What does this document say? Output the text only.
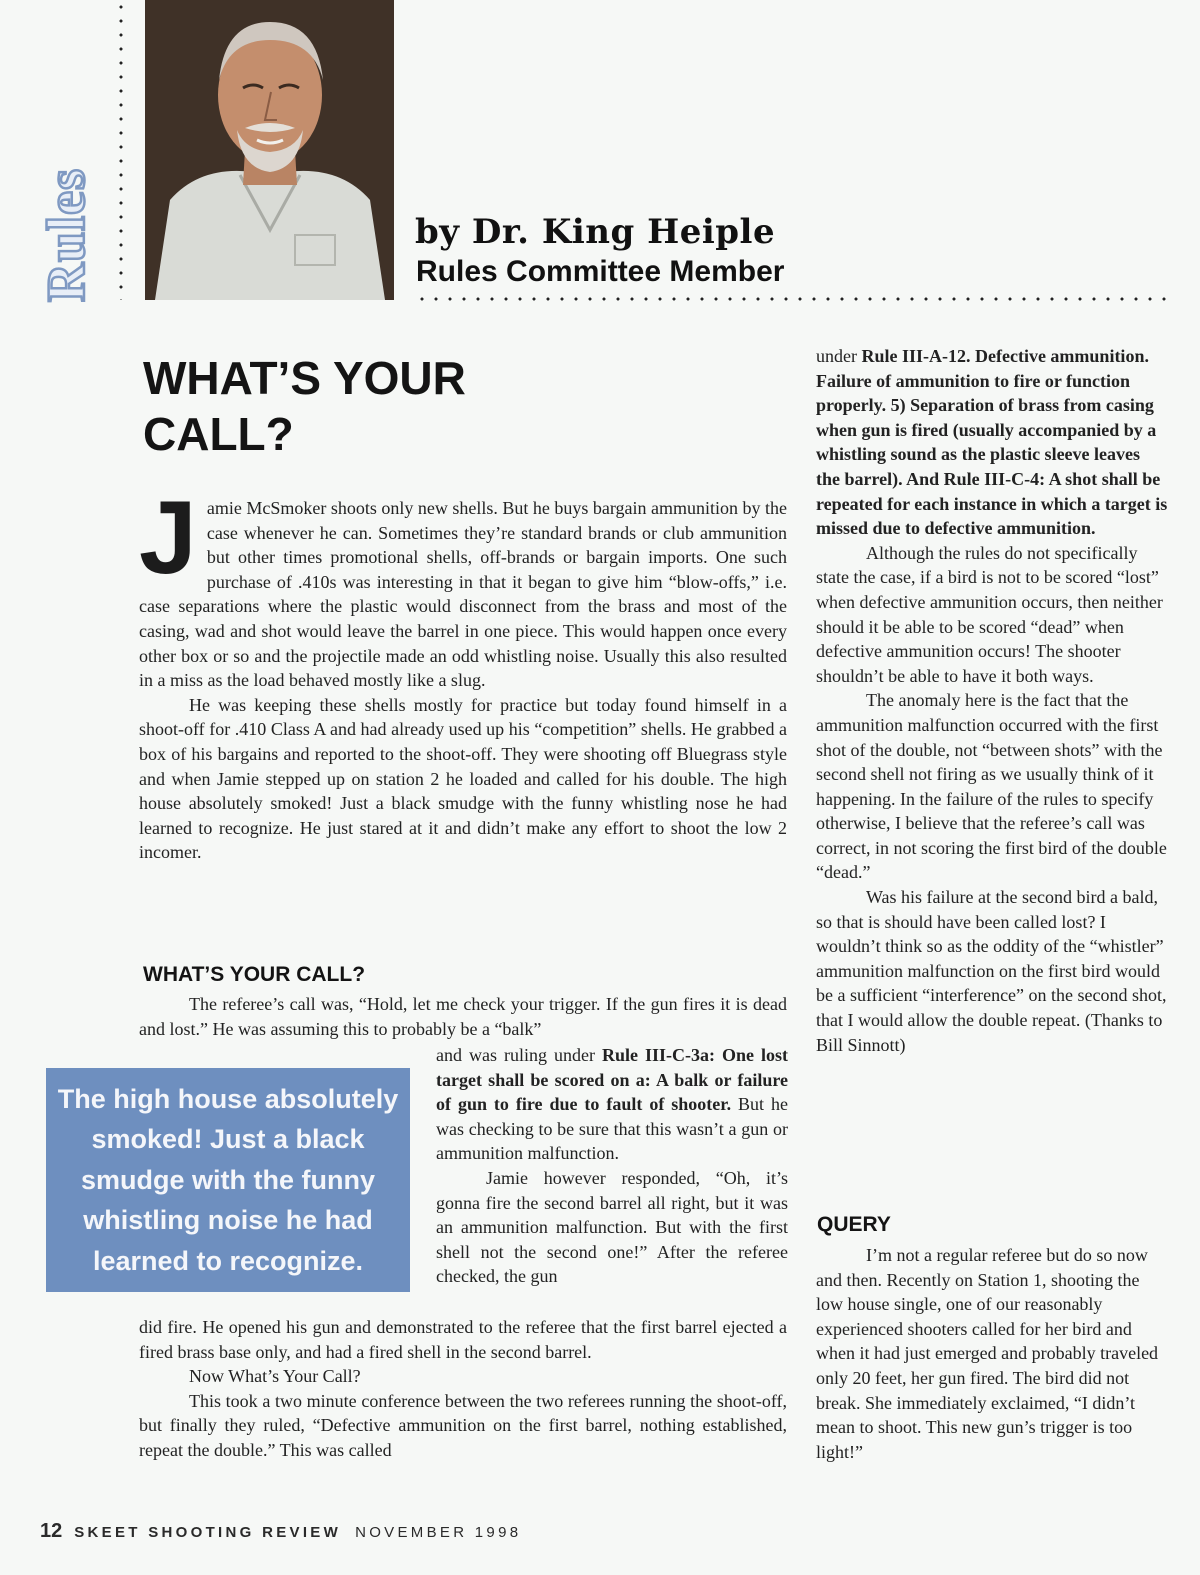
Rules	by Dr. King Heiple
Rules Committee Member
WHAT’S YOUR CALL?

J amie McSmoker shoots only new shells. But he buys bargain ammunition by the case whenever he can. Sometimes they’re standard brands or club ammunition but other times promotional shells, off-brands or bargain imports. One such purchase of .410s was interesting in that it began to give him “blow-offs,” i.e. case separations where the plastic would disconnect from the brass and most of the casing, wad and shot would leave the barrel in one piece. This would happen once every other box or so and the projectile made an odd whistling noise. Usually this also resulted in a miss as the load behaved mostly like a slug.

He was keeping these shells mostly for practice but today found himself in a shoot-off for .410 Class A and had already used up his “competition” shells. He grabbed a box of his bargains and reported to the shoot-off. They were shooting off Bluegrass style and when Jamie stepped up on station 2 he loaded and called for his double. The high house absolutely smoked! Just a black smudge with the funny whistling nose he had learned to recognize. He just stared at it and didn’t make any effort to shoot the low 2 incomer.

WHAT’S YOUR CALL?

The referee’s call was, “Hold, let me check your trigger. If the gun fires it is dead and lost.” He was assuming this to probably be a “balk”

and was ruling under Rule III-C-3a: One lost target shall be scored on a: A balk or failure of gun to fire due to fault of shooter. But he was checking to be sure that this wasn’t a gun or ammunition malfunction.

Jamie however responded, “Oh, it’s gonna fire the second barrel all right, but it was an ammunition malfunction. But with the first shell not the second one!” After the referee checked, the gun

The high house absolutely smoked! Just a black smudge with the funny whistling noise he had learned to recognize.

did fire. He opened his gun and demonstrated to the referee that the first barrel ejected a fired brass base only, and had a fired shell in the second barrel.

Now What’s Your Call?

This took a two minute conference between the two referees running the shoot-off, but finally they ruled, “Defective ammunition on the first barrel, nothing established, repeat the double.” This was called

under Rule III-A-12. Defective ammunition. Failure of ammunition to fire or function properly. 5) Separation of brass from casing when gun is fired (usually accompanied by a whistling sound as the plastic sleeve leaves the barrel). And Rule III-C-4: A shot shall be repeated for each instance in which a target is missed due to defective ammunition.

Although the rules do not specifically state the case, if a bird is not to be scored “lost” when defective ammunition occurs, then neither should it be able to be scored “dead” when defective ammunition occurs! The shooter shouldn’t be able to have it both ways.

The anomaly here is the fact that the ammunition malfunction occurred with the first shot of the double, not “between shots” with the second shell not firing as we usually think of it happening. In the failure of the rules to specify otherwise, I believe that the referee’s call was correct, in not scoring the first bird of the double “dead.”

Was his failure at the second bird a bald, so that is should have been called lost? I wouldn’t think so as the oddity of the “whistler” ammunition malfunction on the first bird would be a sufficient “interference” on the second shot, that I would allow the double repeat. (Thanks to Bill Sinnott)

QUERY

I’m not a regular referee but do so now and then. Recently on Station 1, shooting the low house single, one of our reasonably experienced shooters called for her bird and when it had just emerged and probably traveled only 20 feet, her gun fired. The bird did not break. She immediately exclaimed, “I didn’t mean to shoot. This new gun’s trigger is too light!”

12 SKEET SHOOTING REVIEW NOVEMBER 1998
